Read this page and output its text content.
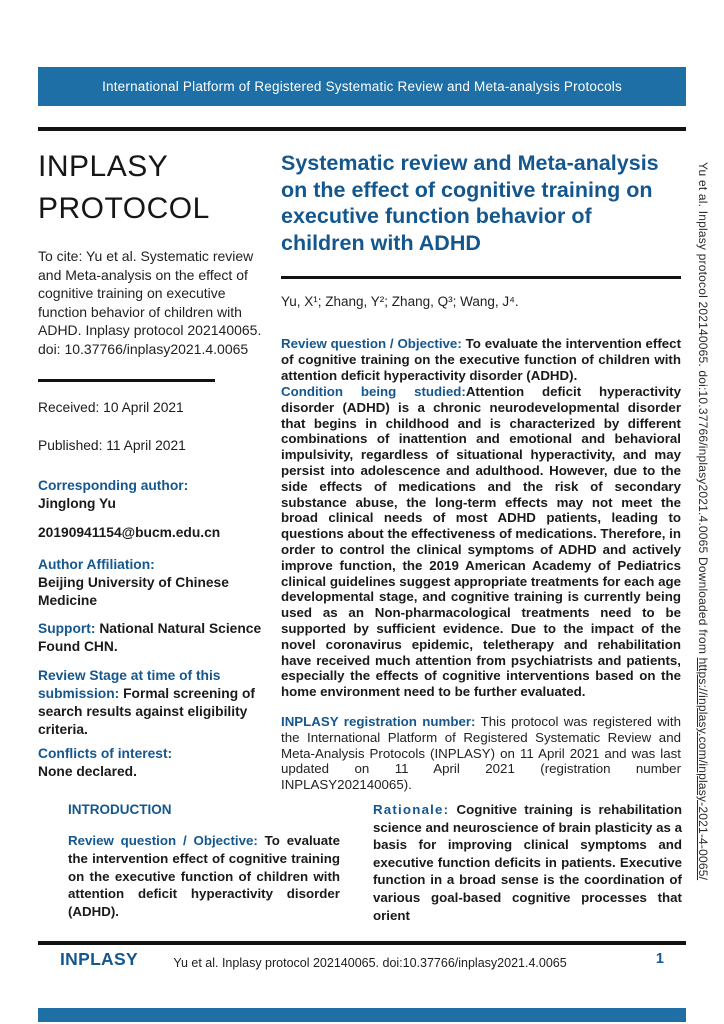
International Platform of Registered Systematic Review and Meta-analysis Protocols
INPLASY
PROTOCOL

To cite: Yu et al. Systematic review and Meta-analysis on the effect of cognitive training on executive function behavior of children with ADHD. Inplasy protocol 202140065. doi: 10.37766/inplasy2021.4.0065

Received: 10 April 2021

Published: 11 April 2021

Corresponding author:
Jinglong Yu

20190941154@bucm.edu.cn

Author Affiliation:
Beijing University of Chinese Medicine

Support: National Natural Science Found CHN.

Review Stage at time of this submission: Formal screening of search results against eligibility criteria.

Conflicts of interest:
None declared.

Systematic review and Meta-analysis on the effect of cognitive training on executive function behavior of children with ADHD

Yu, X¹; Zhang, Y²; Zhang, Q³; Wang, J⁴.

Review question / Objective: To evaluate the intervention effect of cognitive training on the executive function of children with attention deficit hyperactivity disorder (ADHD).

Condition being studied:Attention deficit hyperactivity disorder (ADHD) is a chronic neurodevelopmental disorder that begins in childhood and is characterized by different combinations of inattention and emotional and behavioral impulsivity, regardless of situational hyperactivity, and may persist into adolescence and adulthood. However, due to the side effects of medications and the risk of secondary substance abuse, the long-term effects may not meet the broad clinical needs of most ADHD patients, leading to questions about the effectiveness of medications. Therefore, in order to control the clinical symptoms of ADHD and actively improve function, the 2019 American Academy of Pediatrics clinical guidelines suggest appropriate treatments for each age developmental stage, and cognitive training is currently being used as an Non-pharmacological treatments need to be supported by sufficient evidence. Due to the impact of the novel coronavirus epidemic, teletherapy and rehabilitation have received much attention from psychiatrists and patients, especially the effects of cognitive interventions based on the home environment need to be further evaluated.

INPLASY registration number: This protocol was registered with the International Platform of Registered Systematic Review and Meta-Analysis Protocols (INPLASY) on 11 April 2021 and was last updated on 11 April 2021 (registration number INPLASY202140065).

INTRODUCTION

Review question / Objective: To evaluate the intervention effect of cognitive training on the executive function of children with attention deficit hyperactivity disorder (ADHD).

Rationale: Cognitive training is rehabilitation science and neuroscience of brain plasticity as a basis for improving clinical symptoms and executive function deficits in patients. Executive function in a broad sense is the coordination of various goal-based cognitive processes that orient

INPLASY	Yu et al. Inplasy protocol 202140065. doi:10.37766/inplasy2021.4.0065	1
Yu et al. Inplasy protocol 202140065. doi:10.37766/inplasy2021.4.0065 Downloaded from https://inplasy.com/inplasy-2021-4-0065/
